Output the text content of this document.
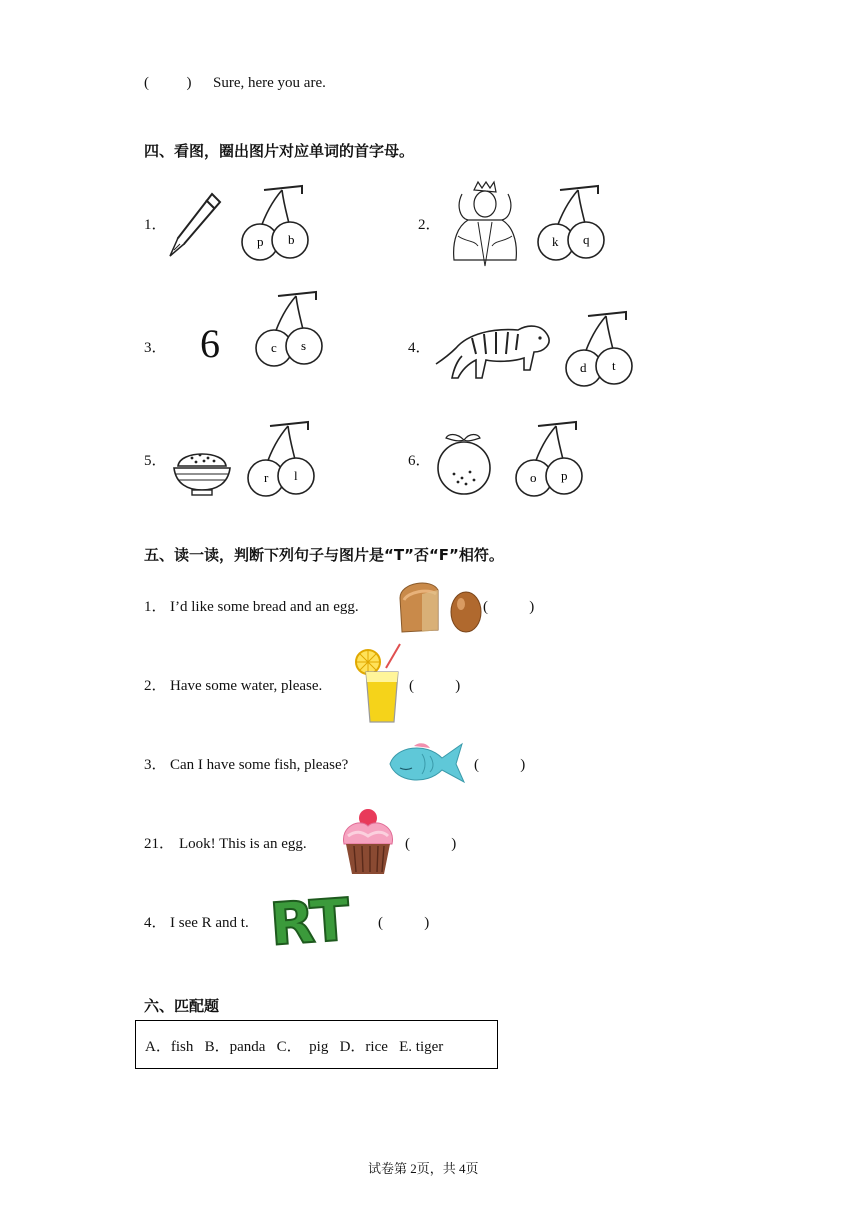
(          ) Sure, here you are.
四、看图，圈出图片对应单词的首字母。
1．
p b
2．
k q
3． 6	c s	4．
d t
5．
r l
6．
o p
五、读一读，判断下列句子与图片是“T”否“F”相符。
1． I’d like some bread and an egg.	(           )
2． Have some water, please.	(           )
3． Can I have some fish, please?	(           )
21． Look! This is an egg.	(           )
4． I see R and t. RT	(           )
六、匹配题
A．fish   B．panda   C．  pig   D．rice   E. tiger
试卷第 2页，共 4页
